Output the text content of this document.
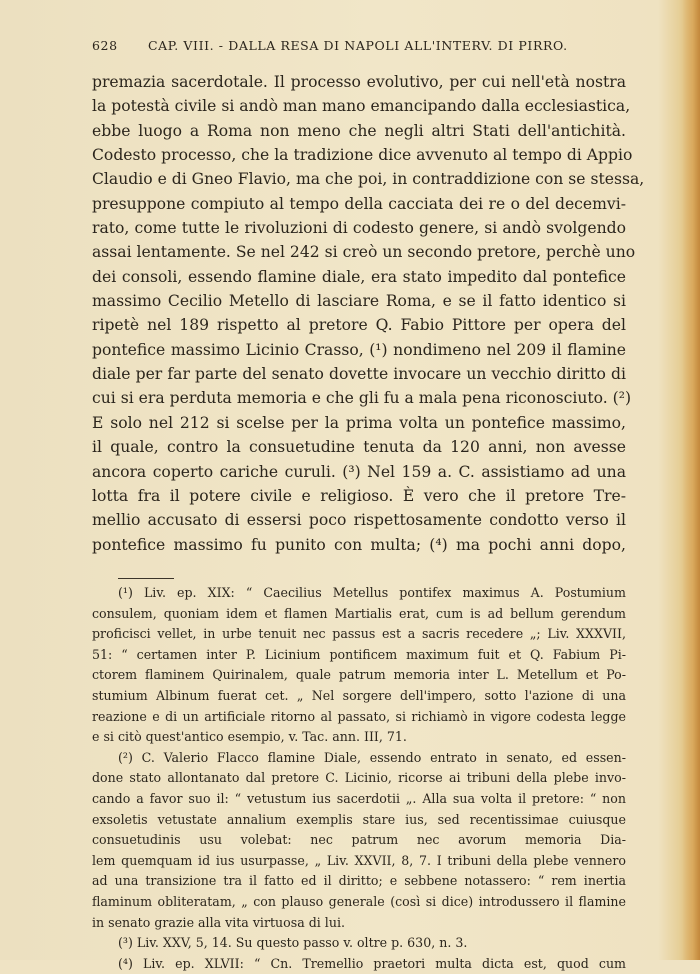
628 CAP. VIII. - DALLA RESA DI NAPOLI ALL'INTERV. DI PIRRO.
premazia sacerdotale. Il processo evolutivo, per cui nell'età nostra
la potestà civile si andò man mano emancipando dalla ecclesiastica,
ebbe luogo a Roma non meno che negli altri Stati dell'antichità.
Codesto processo, che la tradizione dice avvenuto al tempo di Appio
Claudio e di Gneo Flavio, ma che poi, in contraddizione con se stessa,
presuppone compiuto al tempo della cacciata dei re o del decemvi-
rato, come tutte le rivoluzioni di codesto genere, si andò svolgendo
assai lentamente. Se nel 242 si creò un secondo pretore, perchè uno
dei consoli, essendo flamine diale, era stato impedito dal pontefice
massimo Cecilio Metello di lasciare Roma, e se il fatto identico si
ripetè nel 189 rispetto al pretore Q. Fabio Pittore per opera del
pontefice massimo Licinio Crasso, (¹) nondimeno nel 209 il flamine
diale per far parte del senato dovette invocare un vecchio diritto di
cui si era perduta memoria e che gli fu a mala pena riconosciuto. (²)
E solo nel 212 si scelse per la prima volta un pontefice massimo,
il quale, contro la consuetudine tenuta da 120 anni, non avesse
ancora coperto cariche curuli. (³) Nel 159 a. C. assistiamo ad una
lotta fra il potere civile e religioso. È vero che il pretore Tre-
mellio accusato di essersi poco rispettosamente condotto verso il
pontefice massimo fu punito con multa; (⁴) ma pochi anni dopo,
(¹) Liv. ep. XIX: “ Caecilius Metellus pontifex maximus A. Postumium
consulem, quoniam idem et flamen Martialis erat, cum is ad bellum gerendum
proficisci vellet, in urbe tenuit nec passus est a sacris recedere „; Liv. XXXVII,
51: “ certamen inter P. Licinium pontificem maximum fuit et Q. Fabium Pi-
ctorem flaminem Quirinalem, quale patrum memoria inter L. Metellum et Po-
stumium Albinum fuerat cet. „ Nel sorgere dell'impero, sotto l'azione di una
reazione e di un artificiale ritorno al passato, si richiamò in vigore codesta legge
e si citò quest'antico esempio, v. Tac. ann. III, 71.
(²) C. Valerio Flacco flamine Diale, essendo entrato in senato, ed essen-
done stato allontanato dal pretore C. Licinio, ricorse ai tribuni della plebe invo-
cando a favor suo il: “ vetustum ius sacerdotii „. Alla sua volta il pretore: “ non
exsoletis vetustate annalium exemplis stare ius, sed recentissimae cuiusque
consuetudinis usu volebat: nec patrum nec avorum memoria Dia-
lem quemquam id ius usurpasse, „ Liv. XXVII, 8, 7. I tribuni della plebe vennero
ad una transizione tra il fatto ed il diritto; e sebbene notassero: “ rem inertia
flaminum obliteratam, „ con plauso generale (così si dice) introdussero il flamine
in senato grazie alla vita virtuosa di lui.
(³) Liv. XXV, 5, 14. Su questo passo v. oltre p. 630, n. 3.
(⁴) Liv. ep. XLVII: “ Cn. Tremellio praetori multa dicta est, quod cum
